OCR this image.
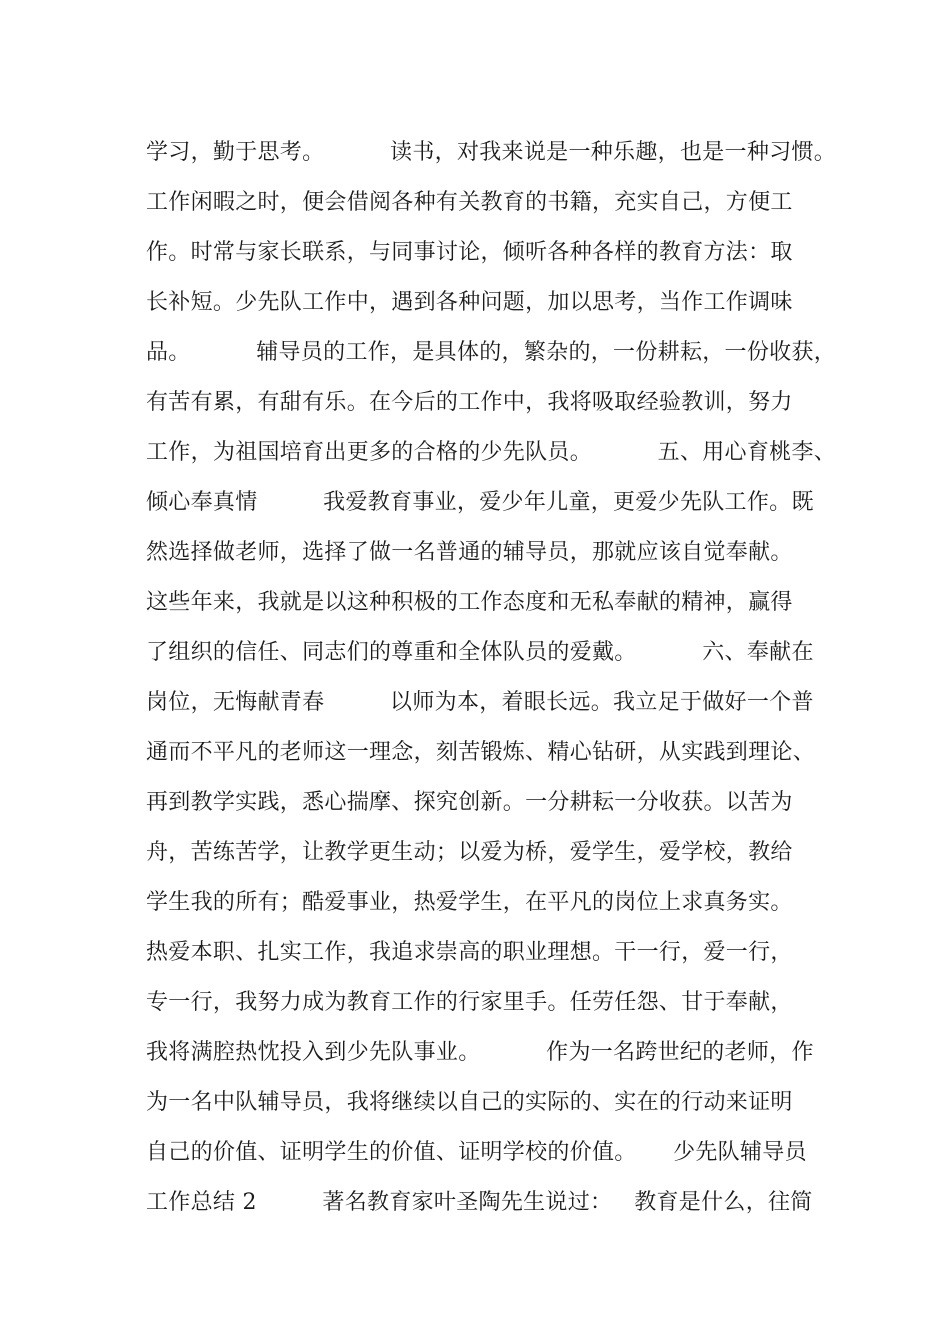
学习，勤于思考。         读书，对我来说是一种乐趣，也是一种习惯。
工作闲暇之时，便会借阅各种有关教育的书籍，充实自己，方便工
作。时常与家长联系，与同事讨论，倾听各种各样的教育方法：取
长补短。少先队工作中，遇到各种问题，加以思考，当作工作调味
品。         辅导员的工作，是具体的，繁杂的，一份耕耘，一份收获，
有苦有累，有甜有乐。在今后的工作中，我将吸取经验教训，努力
工作，为祖国培育出更多的合格的少先队员。         五、用心育桃李、
倾心奉真情         我爱教育事业，爱少年儿童，更爱少先队工作。既
然选择做老师，选择了做一名普通的辅导员，那就应该自觉奉献。
这些年来，我就是以这种积极的工作态度和无私奉献的精神，赢得
了组织的信任、同志们的尊重和全体队员的爱戴。         六、奉献在
岗位，无悔献青春         以师为本，着眼长远。我立足于做好一个普
通而不平凡的老师这一理念，刻苦锻炼、精心钻研，从实践到理论、
再到教学实践，悉心揣摩、探究创新。一分耕耘一分收获。以苦为
舟，苦练苦学，让教学更生动；以爱为桥，爱学生，爱学校，教给
学生我的所有；酷爱事业，热爱学生，在平凡的岗位上求真务实。
热爱本职、扎实工作，我追求崇高的职业理想。干一行，爱一行，
专一行，我努力成为教育工作的行家里手。任劳任怨、甘于奉献，
我将满腔热忱投入到少先队事业。         作为一名跨世纪的老师，作
为一名中队辅导员，我将继续以自己的实际的、实在的行动来证明
自己的价值、证明学生的价值、证明学校的价值。     少先队辅导员
工作总结 2         著名教育家叶圣陶先生说过：   教育是什么，往简
